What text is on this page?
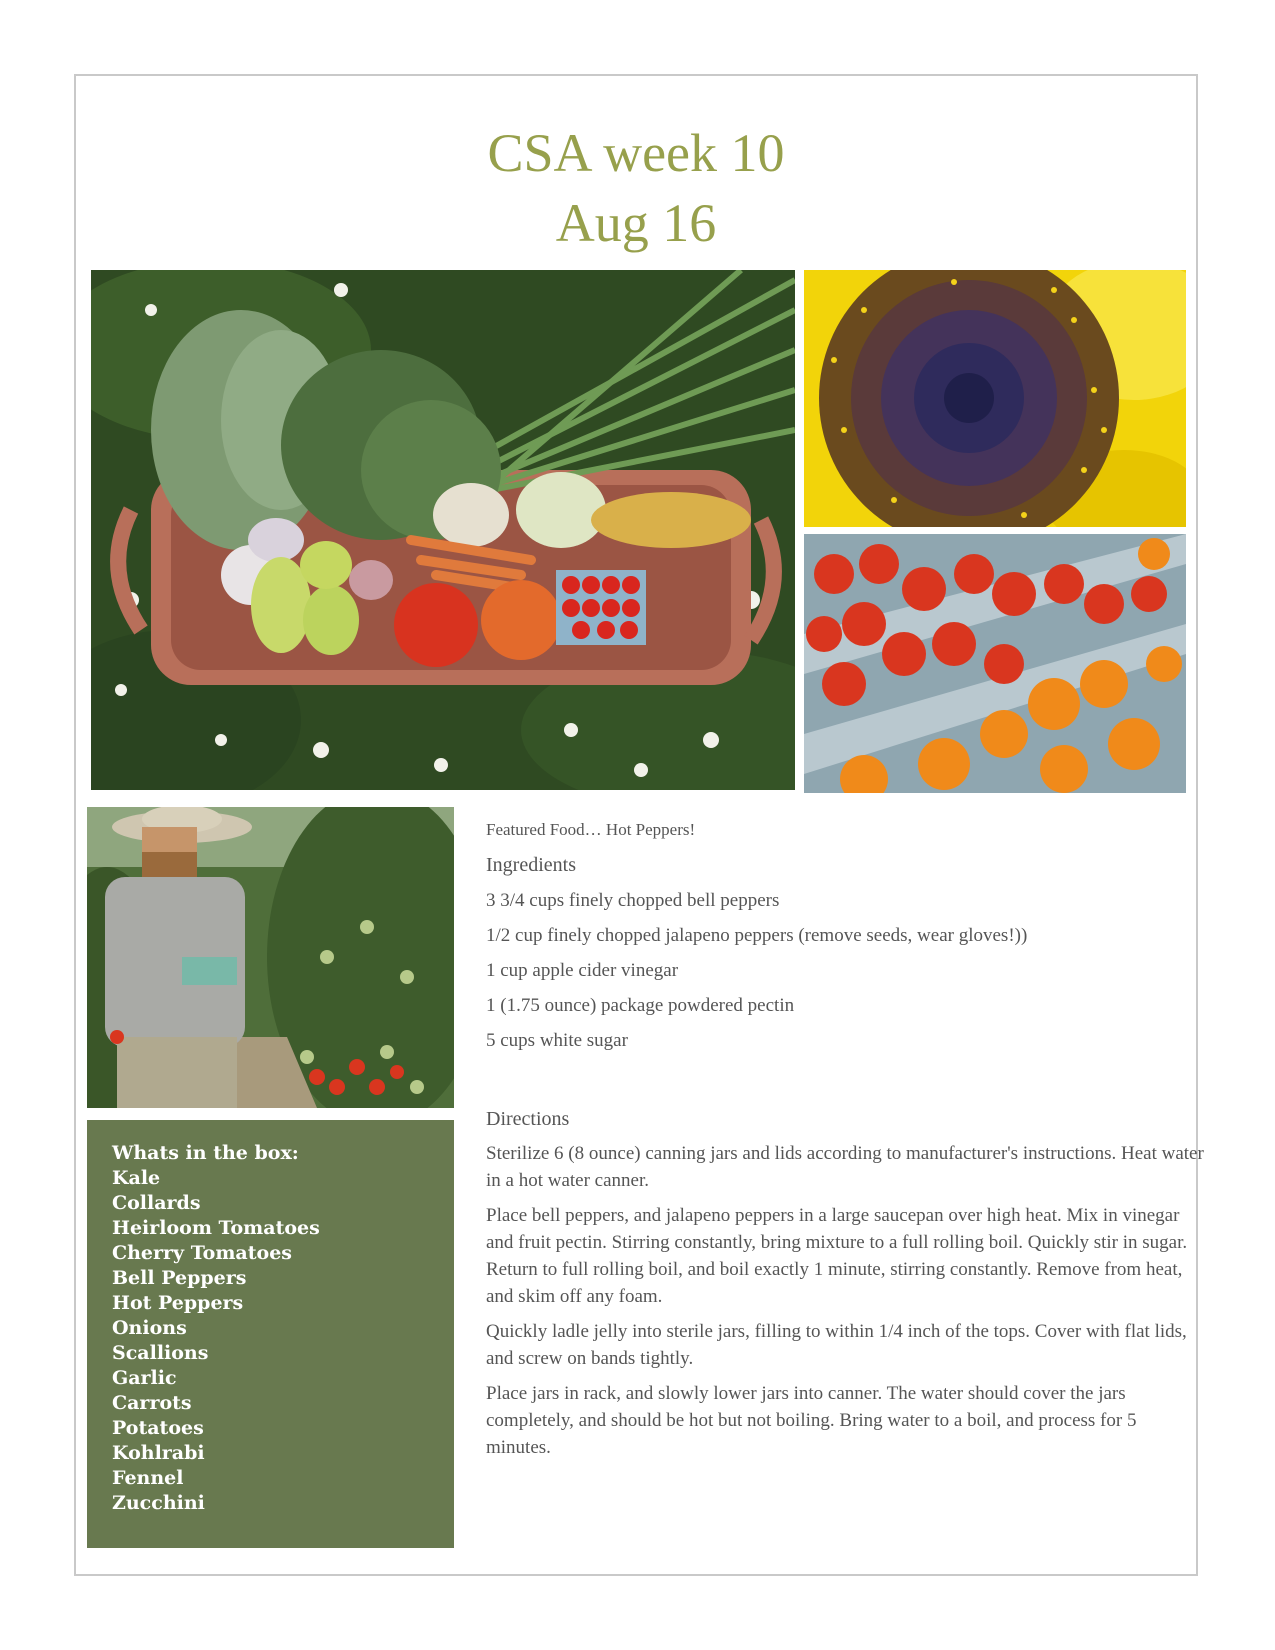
CSA week 10
Aug 16
Whats in the box:
Kale
Collards
Heirloom Tomatoes
Cherry Tomatoes
Bell Peppers
Hot Peppers
Onions
Scallions
Garlic
Carrots
Potatoes
Kohlrabi
Fennel
Zucchini

Featured Food… Hot Peppers!

Ingredients

3 3/4 cups finely chopped bell peppers

1/2 cup finely chopped jalapeno peppers (remove seeds, wear gloves!))

1 cup apple cider vinegar

1 (1.75 ounce) package powdered pectin

5 cups white sugar

Directions

Sterilize 6 (8 ounce) canning jars and lids according to manufacturer's instructions. Heat water in a hot water canner.

Place bell peppers, and jalapeno peppers in a large saucepan over high heat. Mix in vinegar and fruit pectin. Stirring constantly, bring mixture to a full rolling boil. Quickly stir in sugar. Return to full rolling boil, and boil exactly 1 minute, stirring constantly. Remove from heat, and skim off any foam.

Quickly ladle jelly into sterile jars, filling to within 1/4 inch of the tops. Cover with flat lids, and screw on bands tightly.

Place jars in rack, and slowly lower jars into canner. The water should cover the jars completely, and should be hot but not boiling. Bring water to a boil, and process for 5 minutes.
